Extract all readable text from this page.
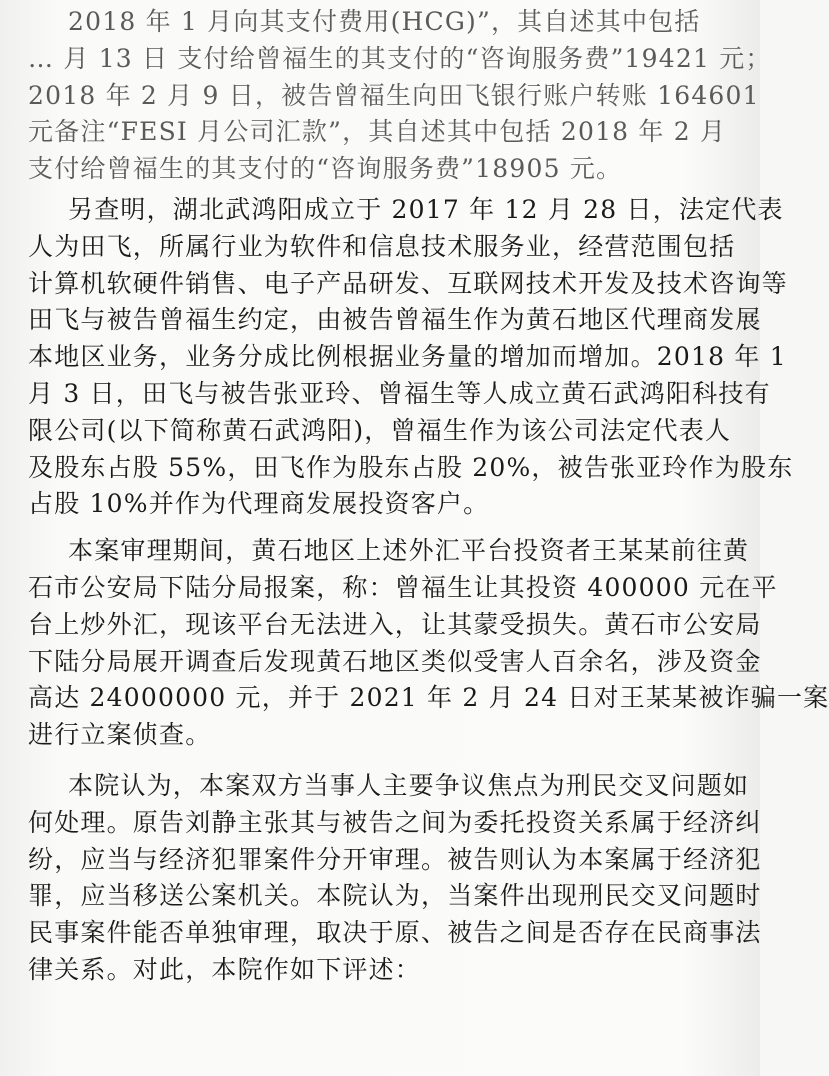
2018 年 1 月向其支付费用(HCG)”，其自述其中包括
… 月 13 日 支付给曾福生的其支付的“咨询服务费”19421 元；
2018 年 2 月 9 日，被告曾福生向田飞银行账户转账 164601
元备注“FESI 月公司汇款”，其自述其中包括 2018 年 2 月
支付给曾福生的其支付的“咨询服务费”18905 元。
另查明，湖北武鸿阳成立于 2017 年 12 月 28 日，法定代表
人为田飞，所属行业为软件和信息技术服务业，经营范围包括
计算机软硬件销售、电子产品研发、互联网技术开发及技术咨询等
田飞与被告曾福生约定，由被告曾福生作为黄石地区代理商发展
本地区业务，业务分成比例根据业务量的增加而增加。2018 年 1
月 3 日，田飞与被告张亚玲、曾福生等人成立黄石武鸿阳科技有
限公司(以下简称黄石武鸿阳)，曾福生作为该公司法定代表人
及股东占股 55%，田飞作为股东占股 20%，被告张亚玲作为股东
占股 10%并作为代理商发展投资客户。
本案审理期间，黄石地区上述外汇平台投资者王某某前往黄
石市公安局下陆分局报案，称：曾福生让其投资 400000 元在平
台上炒外汇，现该平台无法进入，让其蒙受损失。黄石市公安局
下陆分局展开调查后发现黄石地区类似受害人百余名，涉及资金
高达 24000000 元，并于 2021 年 2 月 24 日对王某某被诈骗一案
进行立案侦查。
本院认为，本案双方当事人主要争议焦点为刑民交叉问题如
何处理。原告刘静主张其与被告之间为委托投资关系属于经济纠
纷，应当与经济犯罪案件分开审理。被告则认为本案属于经济犯
罪，应当移送公案机关。本院认为，当案件出现刑民交叉问题时
民事案件能否单独审理，取决于原、被告之间是否存在民商事法
律关系。对此，本院作如下评述：
